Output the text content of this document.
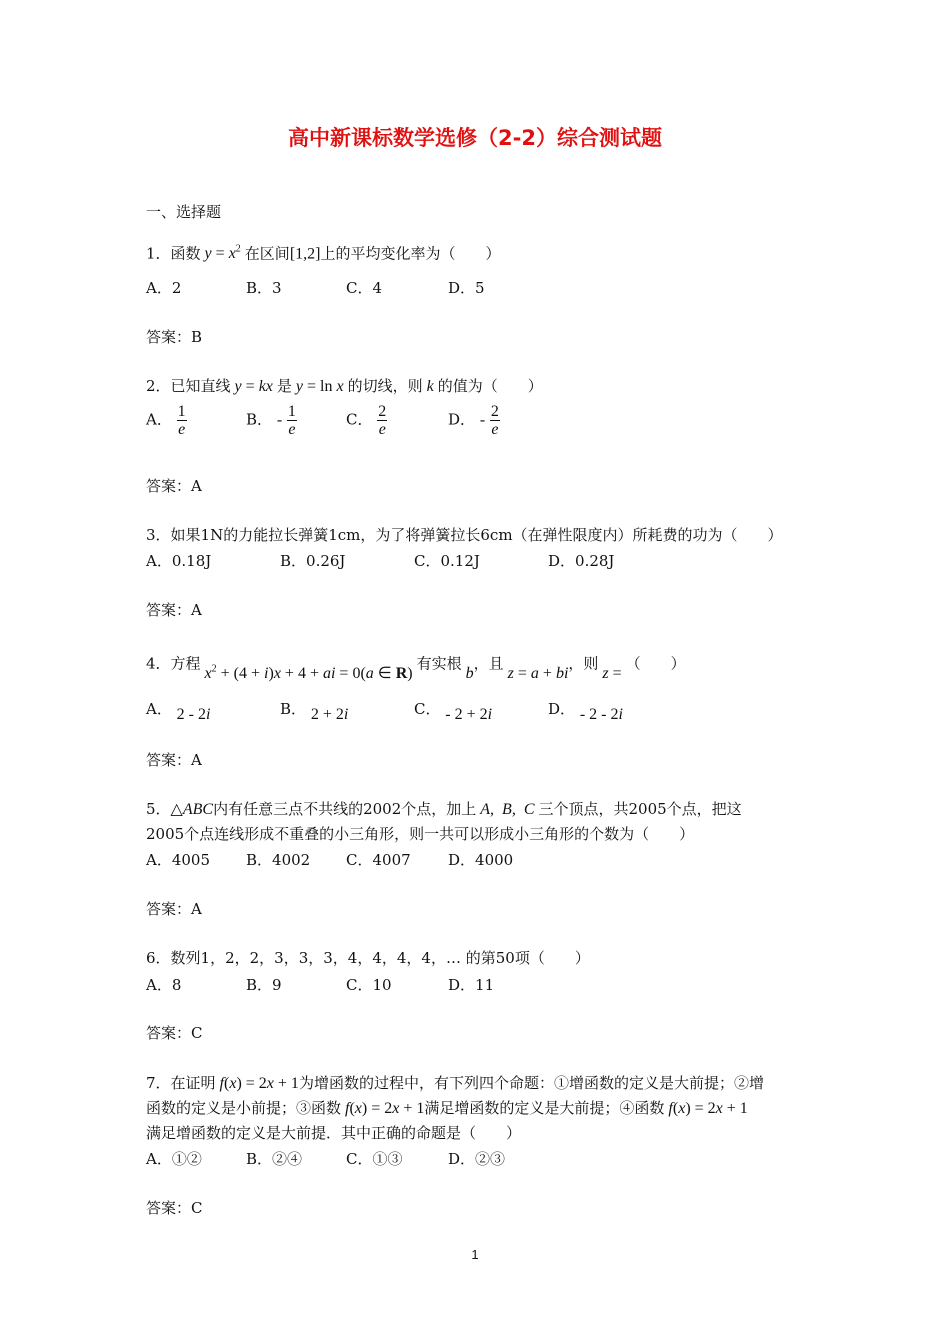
高中新课标数学选修（2-2）综合测试题
一、选择题
1．函数 $y = x^2$ 在区间[1,2]上的平均变化率为（　　）
A．2	B．3	C．4	D．5
答案：B
2．已知直线 y = kx 是 y = ln x 的切线，则 k 的值为（　　）
A． $\frac{1}{e}$	B． - $\frac{1}{e}$	C． $\frac{2}{e}$	D． - $\frac{2}{e}$
答案：A
3．如果1N的力能拉长弹簧1cm，为了将弹簧拉长6cm（在弹性限度内）所耗费的功为（　　）
A．0.18J	B．0.26J	C．0.12J	D．0.28J
答案：A
4．方程 $x^2 + (4 + i)x + 4$ + ai = 0(a ∈ R) 有实根 b，且 z = a + bi，则 z = （　　）
A． 2 - 2i	B． 2 + 2i	C． - 2 + 2i	D． - 2 - 2i
答案：A
5．△ABC内有任意三点不共线的2002个点，加上 A,  B,  C 三个顶点，共2005个点，把这
2005个点连线形成不重叠的小三角形，则一共可以形成小三角形的个数为（　　）
A．4005 B．4002 C．4007 D．4000
答案：A
6．数列1，2，2，3，3，3，4，4，4，4，… 的第50项（　　）
A．8	B．9	C．10	D．11
答案：C
7．在证明 f(x) = 2x + 1为增函数的过程中，有下列四个命题：①增函数的定义是大前提；②增
函数的定义是小前提；③函数 f(x) = 2x + 1满足增函数的定义是大前提；④函数 f(x) = 2x + 1
满足增函数的定义是大前提．其中正确的命题是（　　）
A．①②	B．②④	C．①③	D．②③
答案：C
1
